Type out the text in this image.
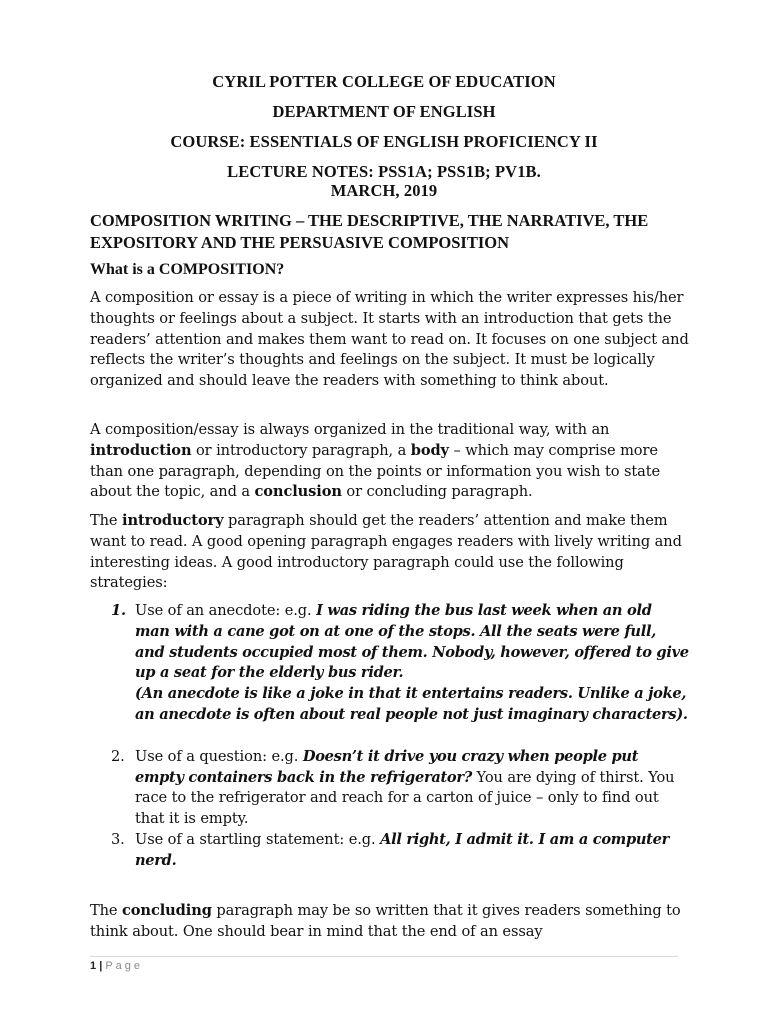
CYRIL POTTER COLLEGE OF EDUCATION
DEPARTMENT OF ENGLISH
COURSE: ESSENTIALS OF ENGLISH PROFICIENCY II
LECTURE NOTES: PSS1A; PSS1B; PV1B.
MARCH, 2019
COMPOSITION WRITING – THE DESCRIPTIVE, THE NARRATIVE, THE EXPOSITORY AND THE PERSUASIVE COMPOSITION
What is a COMPOSITION?
A composition or essay is a piece of writing in which the writer expresses his/her thoughts or feelings about a subject. It starts with an introduction that gets the readers’ attention and makes them want to read on. It focuses on one subject and reflects the writer’s thoughts and feelings on the subject. It must be logically organized and should leave the readers with something to think about.
A composition/essay is always organized in the traditional way, with an introduction or introductory paragraph, a body – which may comprise more than one paragraph, depending on the points or information you wish to state about the topic, and a conclusion or concluding paragraph.
The introductory paragraph should get the readers’ attention and make them want to read. A good opening paragraph engages readers with lively writing and interesting ideas. A good introductory paragraph could use the following strategies:
1. Use of an anecdote: e.g. I was riding the bus last week when an old man with a cane got on at one of the stops. All the seats were full, and students occupied most of them. Nobody, however, offered to give up a seat for the elderly bus rider.
(An anecdote is like a joke in that it entertains readers. Unlike a joke, an anecdote is often about real people not just imaginary characters).
2. Use of a question: e.g. Doesn’t it drive you crazy when people put empty containers back in the refrigerator? You are dying of thirst. You race to the refrigerator and reach for a carton of juice – only to find out that it is empty.
3. Use of a startling statement: e.g. All right, I admit it. I am a computer nerd.
The concluding paragraph may be so written that it gives readers something to think about. One should bear in mind that the end of an essay
1 | Page
